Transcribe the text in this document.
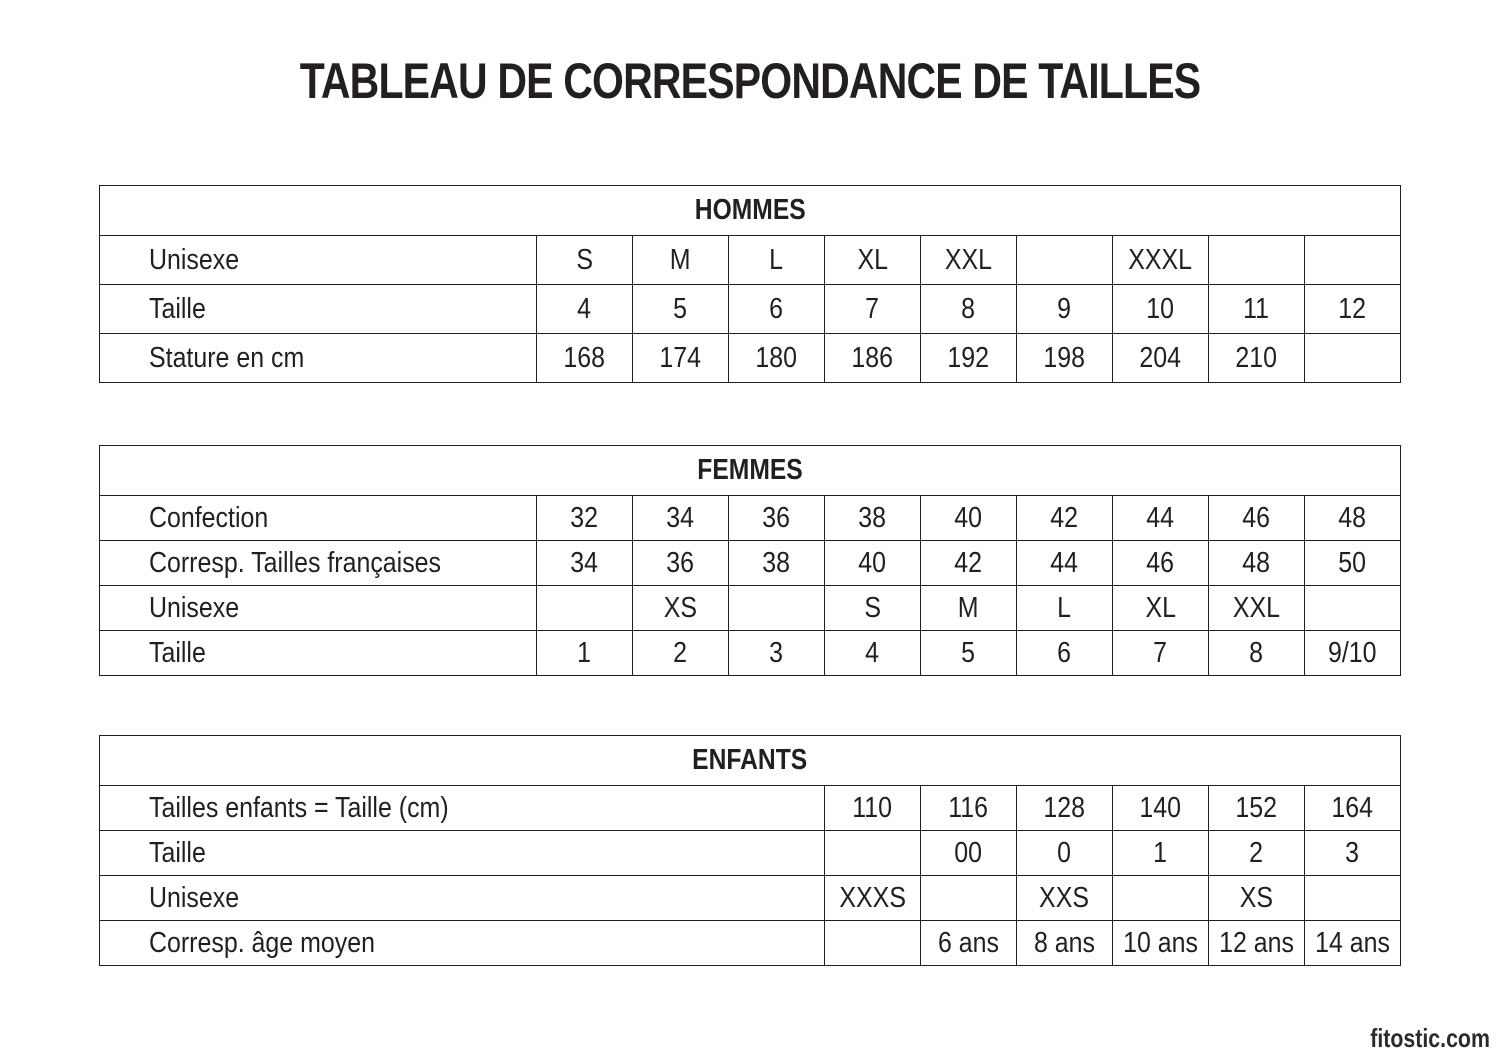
TABLEAU DE CORRESPONDANCE DE TAILLES
HOMMES									
Unisexe	S	M	L	XL	XXL		XXXL		
Taille	4	5	6	7	8	9	10	11	12
Stature en cm	168	174	180	186	192	198	204	210	
FEMMES									
Confection	32	34	36	38	40	42	44	46	48
Corresp. Tailles françaises	34	36	38	40	42	44	46	48	50
Unisexe		XS		S	M	L	XL	XXL	
Taille	1	2	3	4	5	6	7	8	9/10
ENFANTS						
Tailles enfants = Taille (cm)	110	116	128	140	152	164
Taille		00	0	1	2	3
Unisexe	XXXS		XXS		XS	
Corresp. âge moyen		6 ans	8 ans	10 ans	12 ans	14 ans
fitostic.com
